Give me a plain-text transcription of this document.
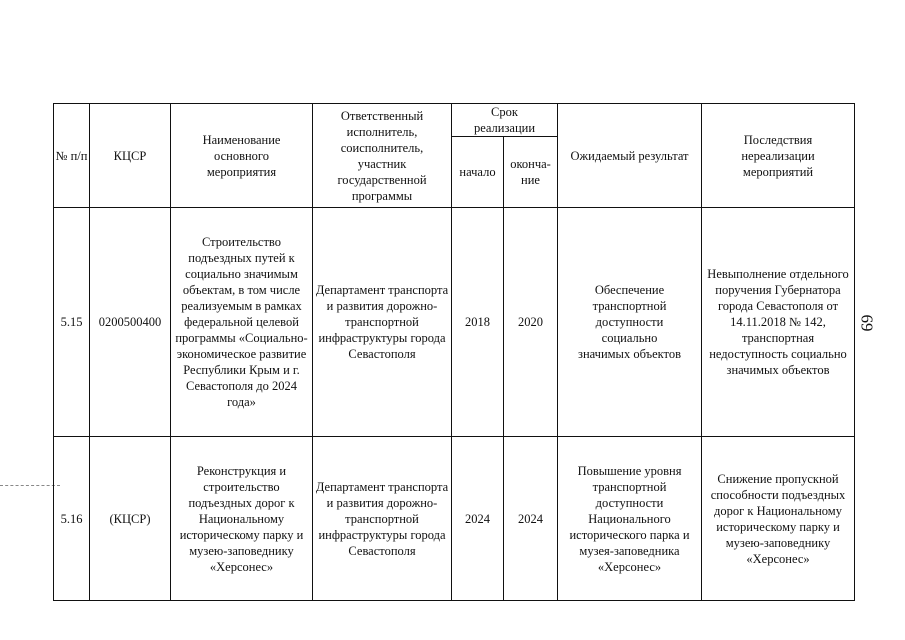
№ п/п	КЦСР	Наименование основного мероприятия	Ответственный исполнитель, соисполнитель, участник государственной программы	Срок реализации		Ожидаемый результат	Последствия нереализации мероприятий
				начало	оконча-ние		
5.15	0200500400	Строительство подъездных путей к социально значимым объектам, в том числе реализуемым в рамках федеральной целевой программы «Социально-экономическое развитие Республики Крым и г. Севастополя до 2024 года»	Департамент транспорта и развития дорожно-транспортной инфраструктуры города Севастополя	2018	2020	Обеспечение транспортной доступности социально значимых объектов	Невыполнение отдельного поручения Губернатора города Севастополя от 14.11.2018 № 142, транспортная недоступность социально значимых объектов
5.16	(КЦСР)	Реконструкция и строительство подъездных дорог к Национальному историческому парку и музею-заповеднику «Херсонес»	Департамент транспорта и развития дорожно-транспортной инфраструктуры города Севастополя	2024	2024	Повышение уровня транспортной доступности Национального исторического парка и музея-заповедника «Херсонес»	Снижение пропускной способности подъездных дорог к Национальному историческому парку и музею-заповеднику «Херсонес»
69
